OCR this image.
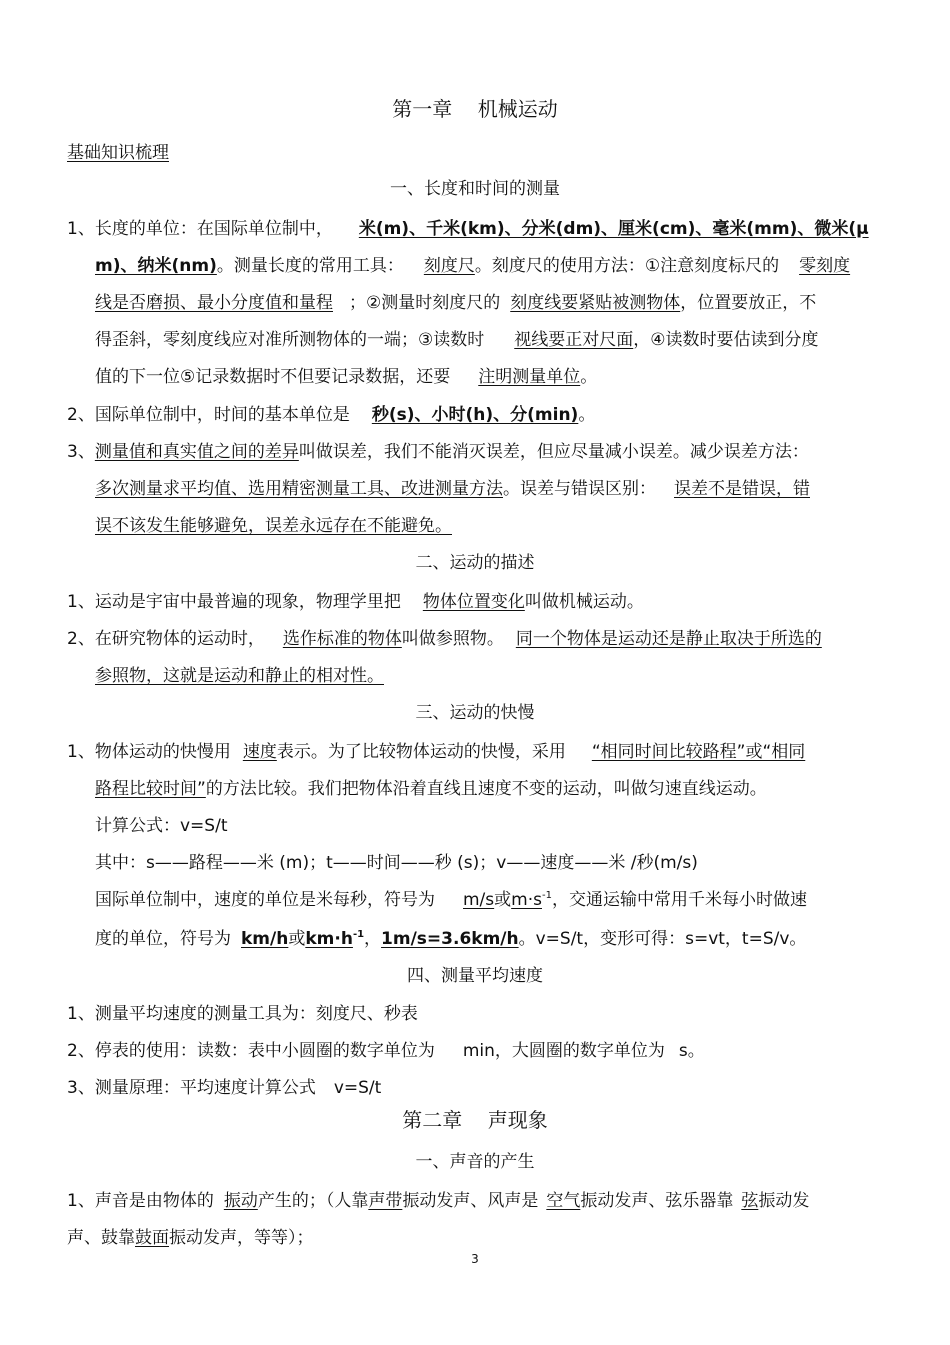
第一章    机械运动
基础知识梳理
一、长度和时间的测量
1、长度的单位：在国际单位制中， 米(m)、千米(km)、分米(dm)、厘米(cm)、毫米(mm)、微米(μ
m)、纳米(nm)。测量长度的常用工具： 刻度尺。刻度尺的使用方法：①注意刻度标尺的 零刻度
线是否磨损、最小分度值和量程 ；②测量时刻度尺的 刻度线要紧贴被测物体，位置要放正，不
得歪斜，零刻度线应对准所测物体的一端；③读数时 视线要正对尺面，④读数时要估读到分度
值的下一位⑤记录数据时不但要记录数据，还要 注明测量单位。
2、国际单位制中，时间的基本单位是 秒(s)、小时(h)、分(min)。
3、测量值和真实值之间的差异叫做误差，我们不能消灭误差，但应尽量减小误差。减少误差方法：
多次测量求平均值、选用精密测量工具、改进测量方法。误差与错误区别： 误差不是错误，错
误不该发生能够避免，误差永远存在不能避免。
二、运动的描述
1、运动是宇宙中最普遍的现象，物理学里把 物体位置变化叫做机械运动。
2、在研究物体的运动时， 选作标准的物体叫做参照物。 同一个物体是运动还是静止取决于所选的
参照物，这就是运动和静止的相对性。
三、运动的快慢
1、物体运动的快慢用 速度表示。为了比较物体运动的快慢，采用 “相同时间比较路程”或“相同
路程比较时间”的方法比较。我们把物体沿着直线且速度不变的运动，叫做匀速直线运动。
计算公式：v=S/t
其中：s——路程——米 (m)；t——时间——秒 (s)；v——速度——米 /秒(m/s)
国际单位制中，速度的单位是米每秒，符号为 m/s或$m\cdot s^{-1}$，交通运输中常用千米每小时做速
度的单位，符号为 km/h或$km\cdot h^{-1}$，1m/s=3.6km/h。v=S/t，变形可得：s=vt，t=S/v。
四、测量平均速度
1、测量平均速度的测量工具为：刻度尺、秒表
2、停表的使用：读数：表中小圆圈的数字单位为 min，大圆圈的数字单位为 s。
3、测量原理：平均速度计算公式 v=S/t
第二章    声现象
一、声音的产生
1、声音是由物体的 振动产生的；（人靠声带振动发声、风声是 空气振动发声、弦乐器靠 弦振动发
声、鼓靠鼓面振动发声，等等）；
3
